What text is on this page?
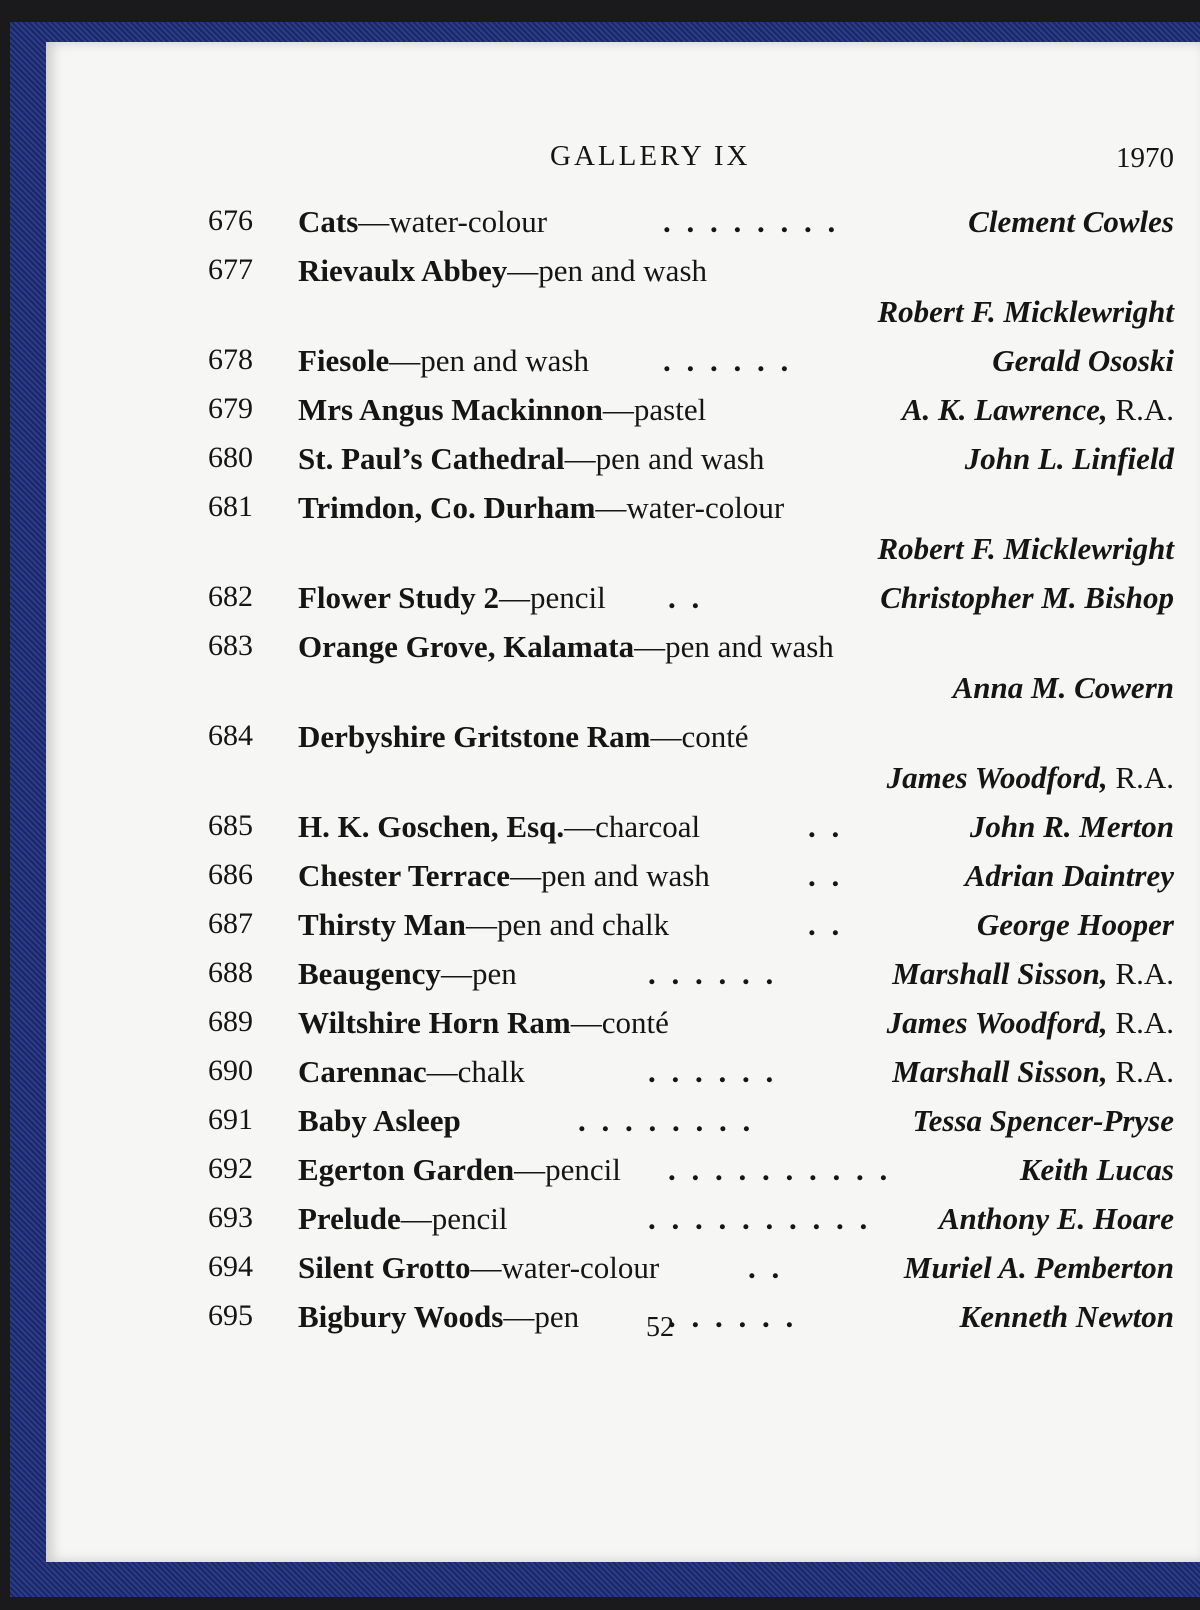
GALLERY IX	1970
676 Cats—water-colour	. . . . . . . .	Clement Cowles
677 Rievaulx Abbey—pen and wash
Robert F. Micklewright
678 Fiesole—pen and wash . . . . . .	Gerald Ososki
679 Mrs Angus Mackinnon—pastel	A. K. Lawrence, R.A.
680 St. Paul’s Cathedral—pen and wash	John L. Linfield
681 Trimdon, Co. Durham—water-colour
Robert F. Micklewright
682 Flower Study 2—pencil . .	Christopher M. Bishop
683 Orange Grove, Kalamata—pen and wash
Anna M. Cowern
684 Derbyshire Gritstone Ram—conté
James Woodford, R.A.
685 H. K. Goschen, Esq.—charcoal	. .	John R. Merton
686 Chester Terrace—pen and wash	. .	Adrian Daintrey
687 Thirsty Man—pen and chalk	. .	George Hooper
688 Beaugency—pen	. . . . . .	Marshall Sisson, R.A.
689 Wiltshire Horn Ram—conté	James Woodford, R.A.
690 Carennac—chalk	. . . . . .	Marshall Sisson, R.A.
691 Baby Asleep	. . . . . . . .	Tessa Spencer-Pryse
692 Egerton Garden—pencil . . . . . . . . . .	Keith Lucas
693 Prelude—pencil	. . . . . . . . . . Anthony E. Hoare
694 Silent Grotto—water-colour	. .	Muriel A. Pemberton
695 Bigbury Woods—pen	. . . . . .	Kenneth Newton
52
